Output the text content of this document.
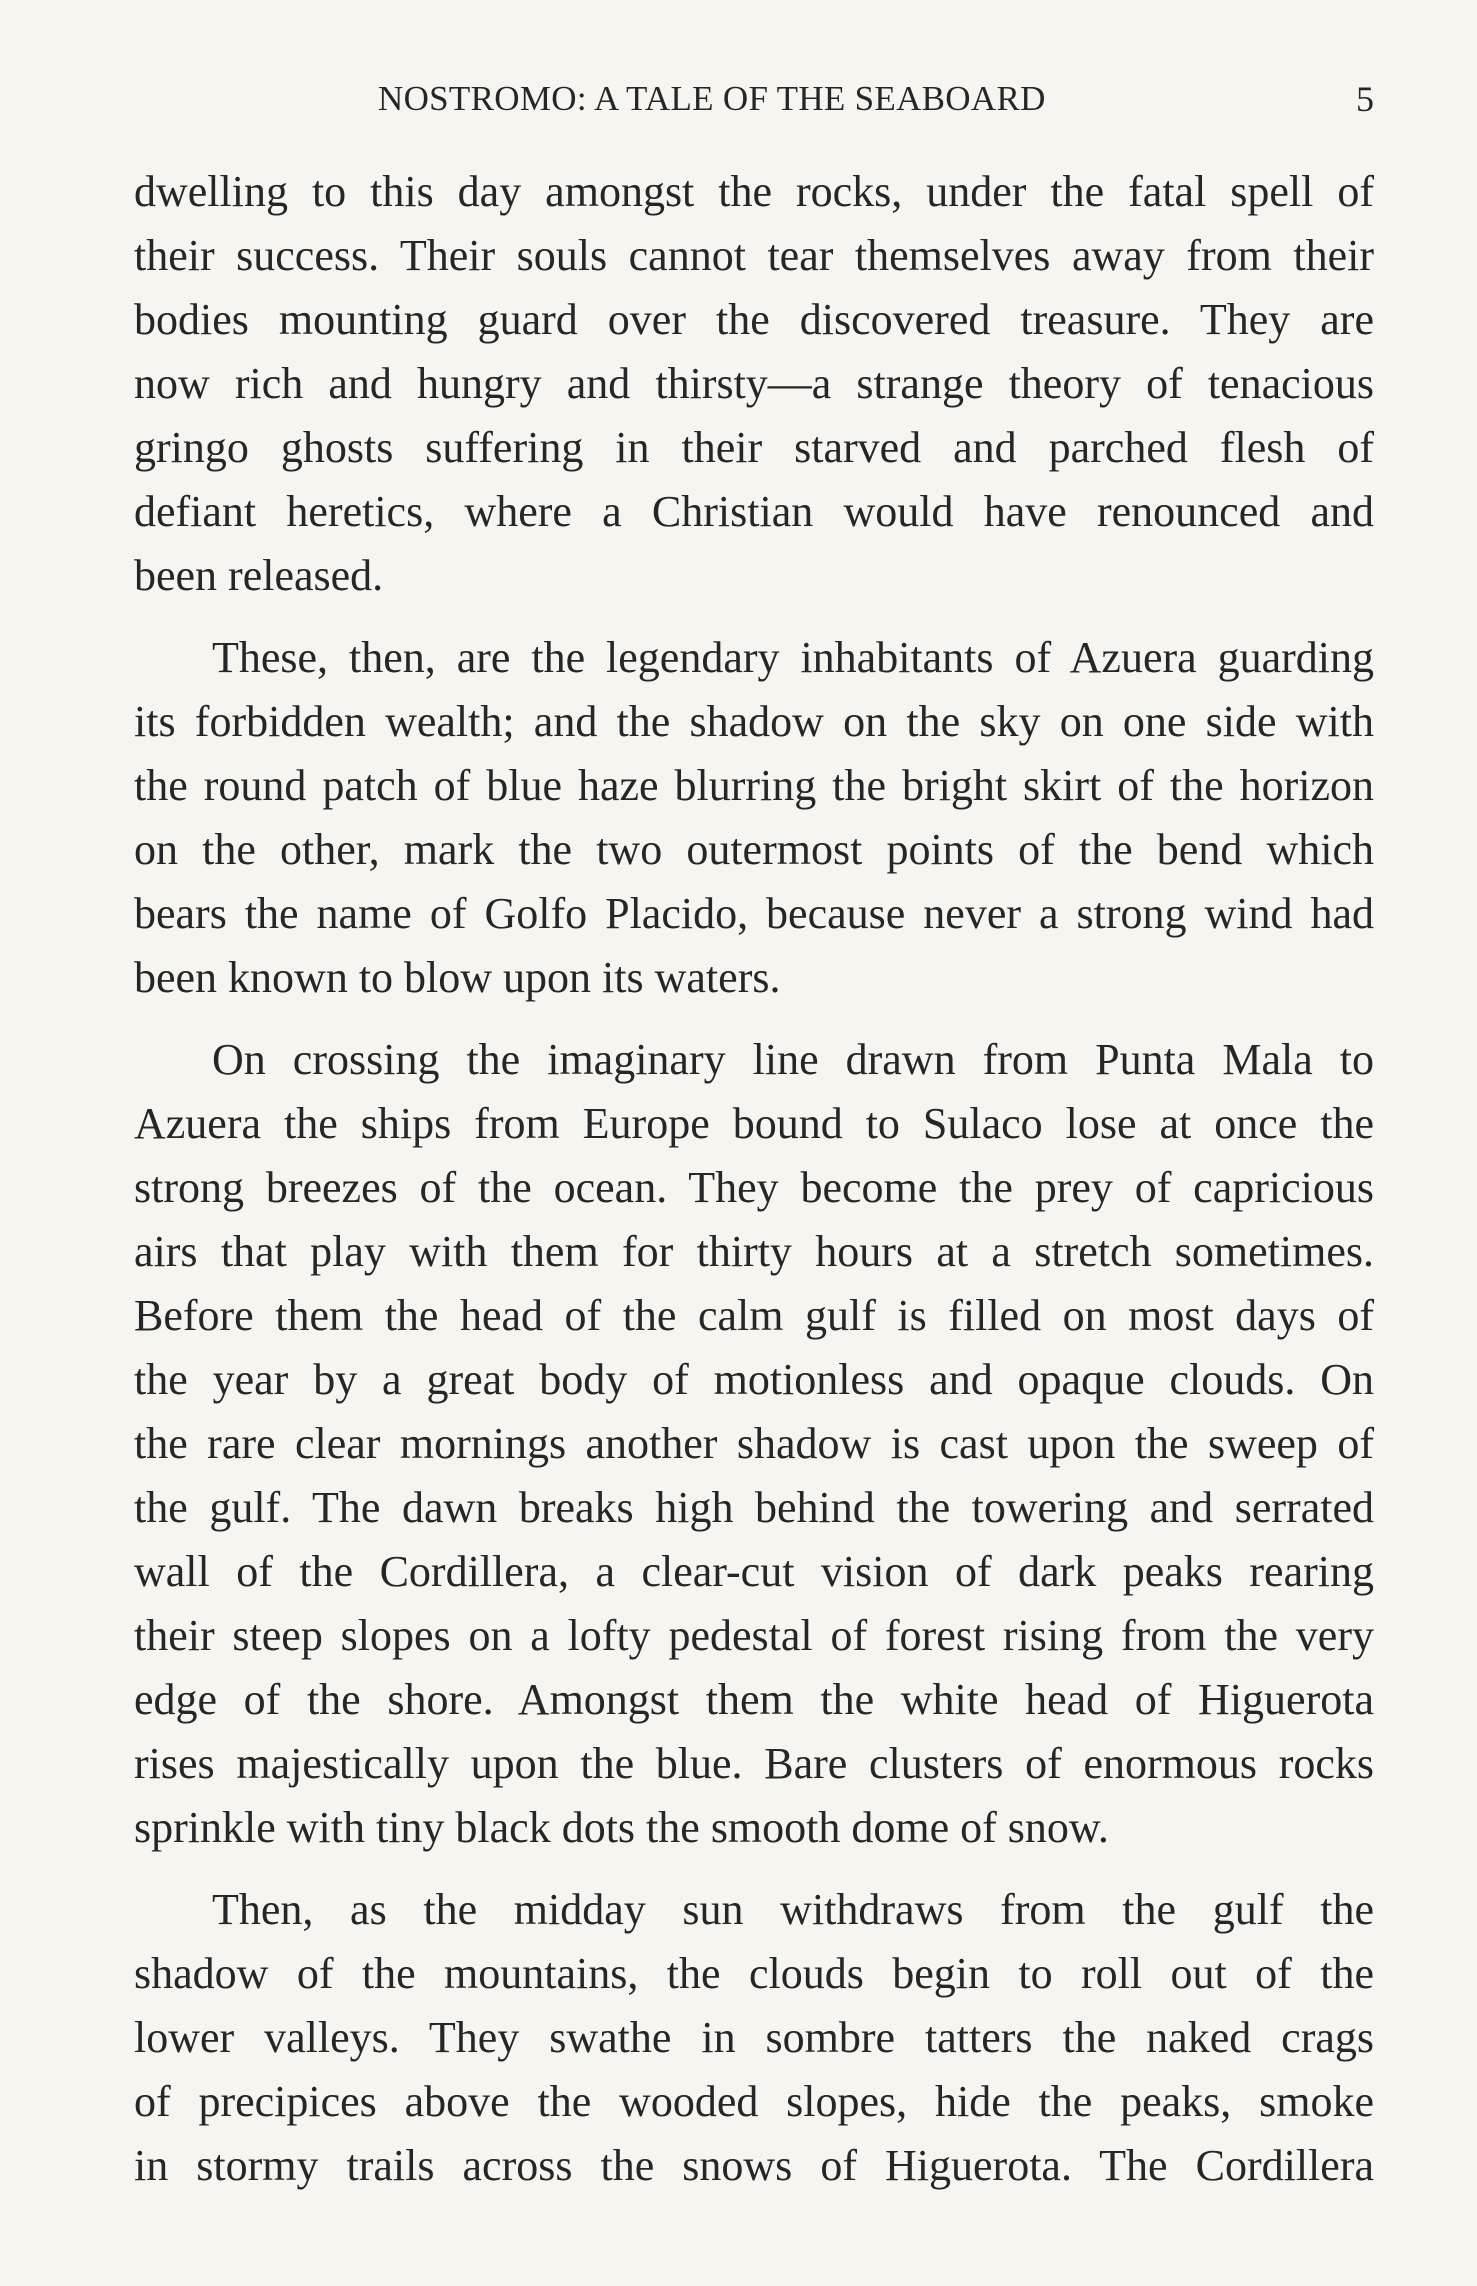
NOSTROMO: A TALE OF THE SEABOARD	5
dwelling to this day amongst the rocks, under the fatal spell of
their success. Their souls cannot tear themselves away from their
bodies mounting guard over the discovered treasure. They are
now rich and hungry and thirsty—a strange theory of tenacious
gringo ghosts suffering in their starved and parched flesh of
defiant heretics, where a Christian would have renounced and
been released.
These, then, are the legendary inhabitants of Azuera guarding
its forbidden wealth; and the shadow on the sky on one side with
the round patch of blue haze blurring the bright skirt of the horizon
on the other, mark the two outermost points of the bend which
bears the name of Golfo Placido, because never a strong wind had
been known to blow upon its waters.
On crossing the imaginary line drawn from Punta Mala to
Azuera the ships from Europe bound to Sulaco lose at once the
strong breezes of the ocean. They become the prey of capricious
airs that play with them for thirty hours at a stretch sometimes.
Before them the head of the calm gulf is filled on most days of
the year by a great body of motionless and opaque clouds. On
the rare clear mornings another shadow is cast upon the sweep of
the gulf. The dawn breaks high behind the towering and serrated
wall of the Cordillera, a clear-cut vision of dark peaks rearing
their steep slopes on a lofty pedestal of forest rising from the very
edge of the shore. Amongst them the white head of Higuerota
rises majestically upon the blue. Bare clusters of enormous rocks
sprinkle with tiny black dots the smooth dome of snow.
Then, as the midday sun withdraws from the gulf the
shadow of the mountains, the clouds begin to roll out of the
lower valleys. They swathe in sombre tatters the naked crags
of precipices above the wooded slopes, hide the peaks, smoke
in stormy trails across the snows of Higuerota. The Cordillera
